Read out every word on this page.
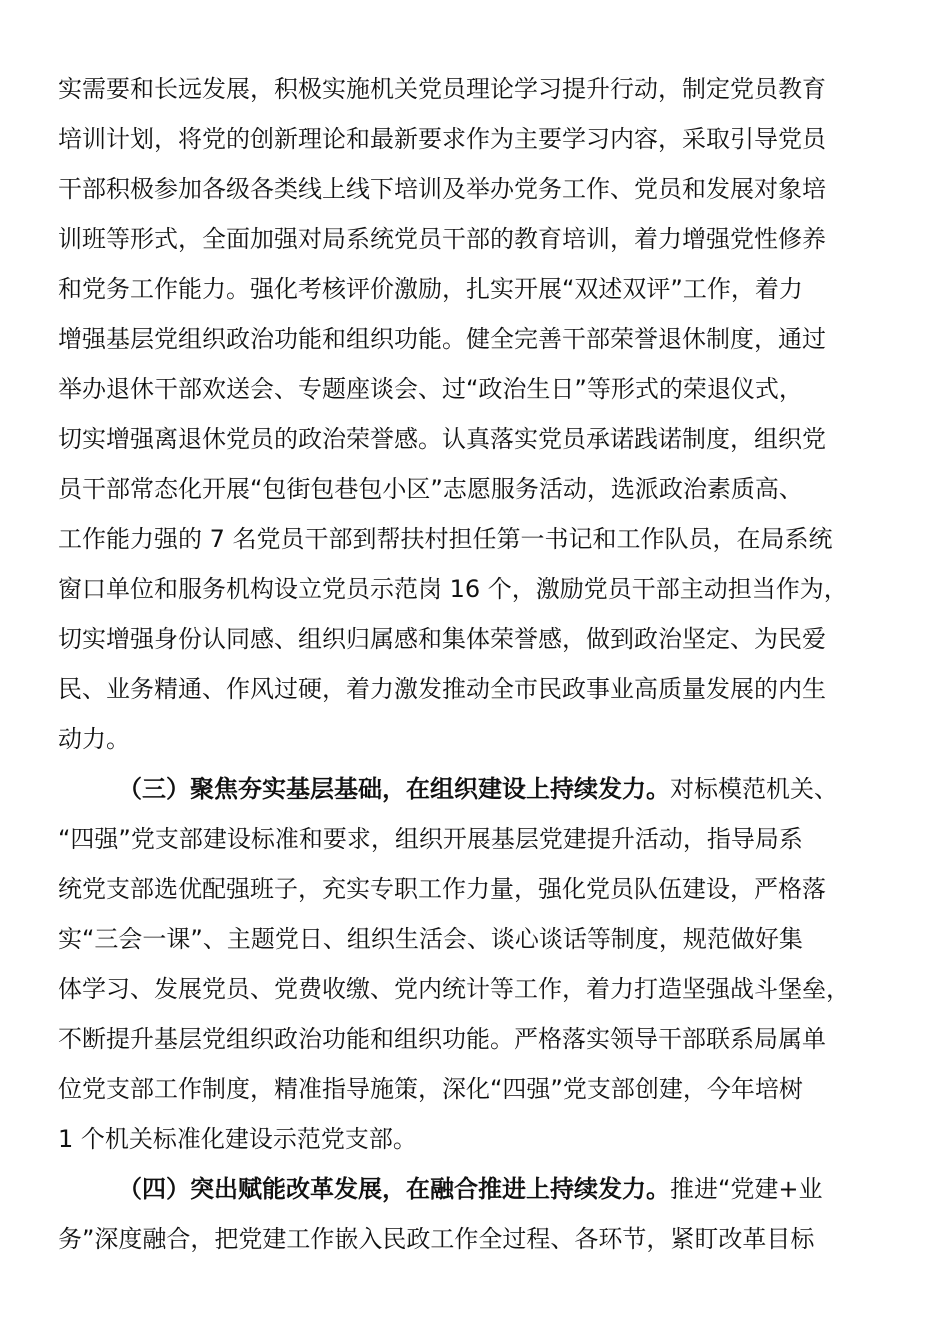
实需要和长远发展，积极实施机关党员理论学习提升行动，制定党员教育
培训计划，将党的创新理论和最新要求作为主要学习内容，采取引导党员
干部积极参加各级各类线上线下培训及举办党务工作、党员和发展对象培
训班等形式，全面加强对局系统党员干部的教育培训，着力增强党性修养
和党务工作能力。强化考核评价激励，扎实开展“双述双评”工作，着力
增强基层党组织政治功能和组织功能。健全完善干部荣誉退休制度，通过
举办退休干部欢送会、专题座谈会、过“政治生日”等形式的荣退仪式，
切实增强离退休党员的政治荣誉感。认真落实党员承诺践诺制度，组织党
员干部常态化开展“包街包巷包小区”志愿服务活动，选派政治素质高、
工作能力强的 7 名党员干部到帮扶村担任第一书记和工作队员，在局系统
窗口单位和服务机构设立党员示范岗 16 个，激励党员干部主动担当作为，
切实增强身份认同感、组织归属感和集体荣誉感，做到政治坚定、为民爱
民、业务精通、作风过硬，着力激发推动全市民政事业高质量发展的内生
动力。
（三）聚焦夯实基层基础，在组织建设上持续发力。对标模范机关、
“四强”党支部建设标准和要求，组织开展基层党建提升活动，指导局系
统党支部选优配强班子，充实专职工作力量，强化党员队伍建设，严格落
实“三会一课”、主题党日、组织生活会、谈心谈话等制度，规范做好集
体学习、发展党员、党费收缴、党内统计等工作，着力打造坚强战斗堡垒，
不断提升基层党组织政治功能和组织功能。严格落实领导干部联系局属单
位党支部工作制度，精准指导施策，深化“四强”党支部创建，今年培树
1 个机关标准化建设示范党支部。
（四）突出赋能改革发展，在融合推进上持续发力。推进“党建+业
务”深度融合，把党建工作嵌入民政工作全过程、各环节，紧盯改革目标
